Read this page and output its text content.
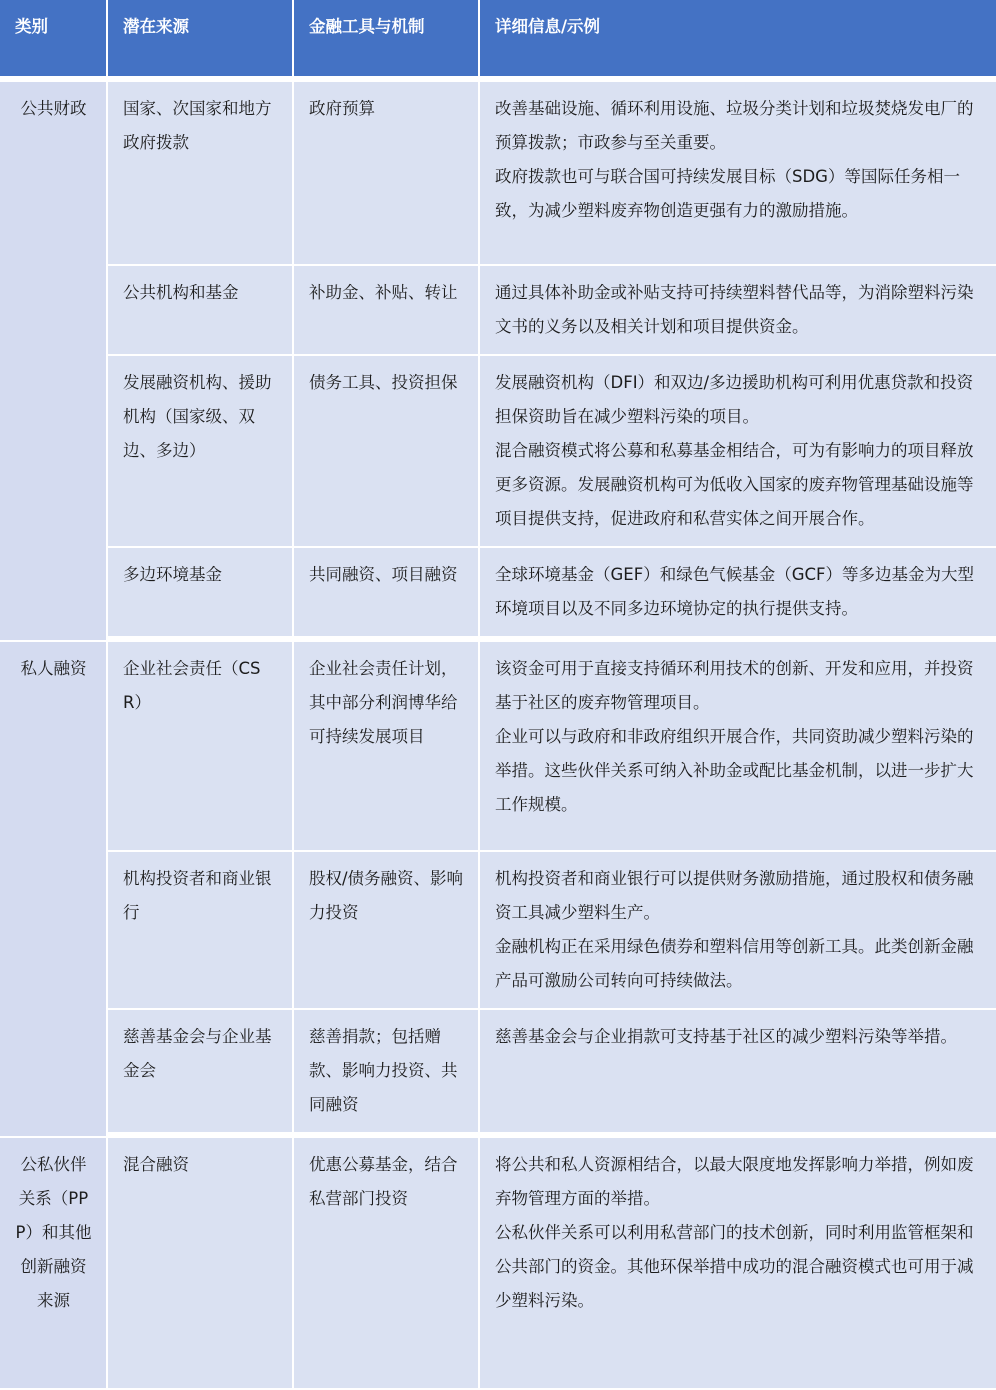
类别	潜在来源	金融工具与机制	详细信息/示例
公共财政	国家、次国家和地方政府拨款	政府预算	改善基础设施、循环利用设施、垃圾分类计划和垃圾焚烧发电厂的预算拨款；市政参与至关重要。

政府拨款也可与联合国可持续发展目标（SDG）等国际任务相一致，为减少塑料废弃物创造更强有力的激励措施。

	公共机构和基金	补助金、补贴、转让	通过具体补助金或补贴支持可持续塑料替代品等，为消除塑料污染文书的义务以及相关计划和项目提供资金。

	发展融资机构、援助机构（国家级、双边、多边）	债务工具、投资担保	发展融资机构（DFI）和双边/多边援助机构可利用优惠贷款和投资担保资助旨在减少塑料污染的项目。

混合融资模式将公募和私募基金相结合，可为有影响力的项目释放更多资源。发展融资机构可为低收入国家的废弃物管理基础设施等项目提供支持，促进政府和私营实体之间开展合作。

	多边环境基金	共同融资、项目融资	全球环境基金（GEF）和绿色气候基金（GCF）等多边基金为大型环境项目以及不同多边环境协定的执行提供支持。

私人融资	企业社会责任（CSR）	企业社会责任计划，其中部分利润博华给可持续发展项目	该资金可用于直接支持循环利用技术的创新、开发和应用，并投资基于社区的废弃物管理项目。

企业可以与政府和非政府组织开展合作，共同资助减少塑料污染的举措。这些伙伴关系可纳入补助金或配比基金机制，以进一步扩大工作规模。

	机构投资者和商业银行	股权/债务融资、影响力投资	机构投资者和商业银行可以提供财务激励措施，通过股权和债务融资工具减少塑料生产。

金融机构正在采用绿色债券和塑料信用等创新工具。此类创新金融产品可激励公司转向可持续做法。

	慈善基金会与企业基金会	慈善捐款；包括赠款、影响力投资、共同融资	慈善基金会与企业捐款可支持基于社区的减少塑料污染等举措。

公私伙伴关系（PPP）和其他创新融资来源	混合融资	优惠公募基金，结合私营部门投资	将公共和私人资源相结合，以最大限度地发挥影响力举措，例如废弃物管理方面的举措。

公私伙伴关系可以利用私营部门的技术创新，同时利用监管框架和公共部门的资金。其他环保举措中成功的混合融资模式也可用于减少塑料污染。
